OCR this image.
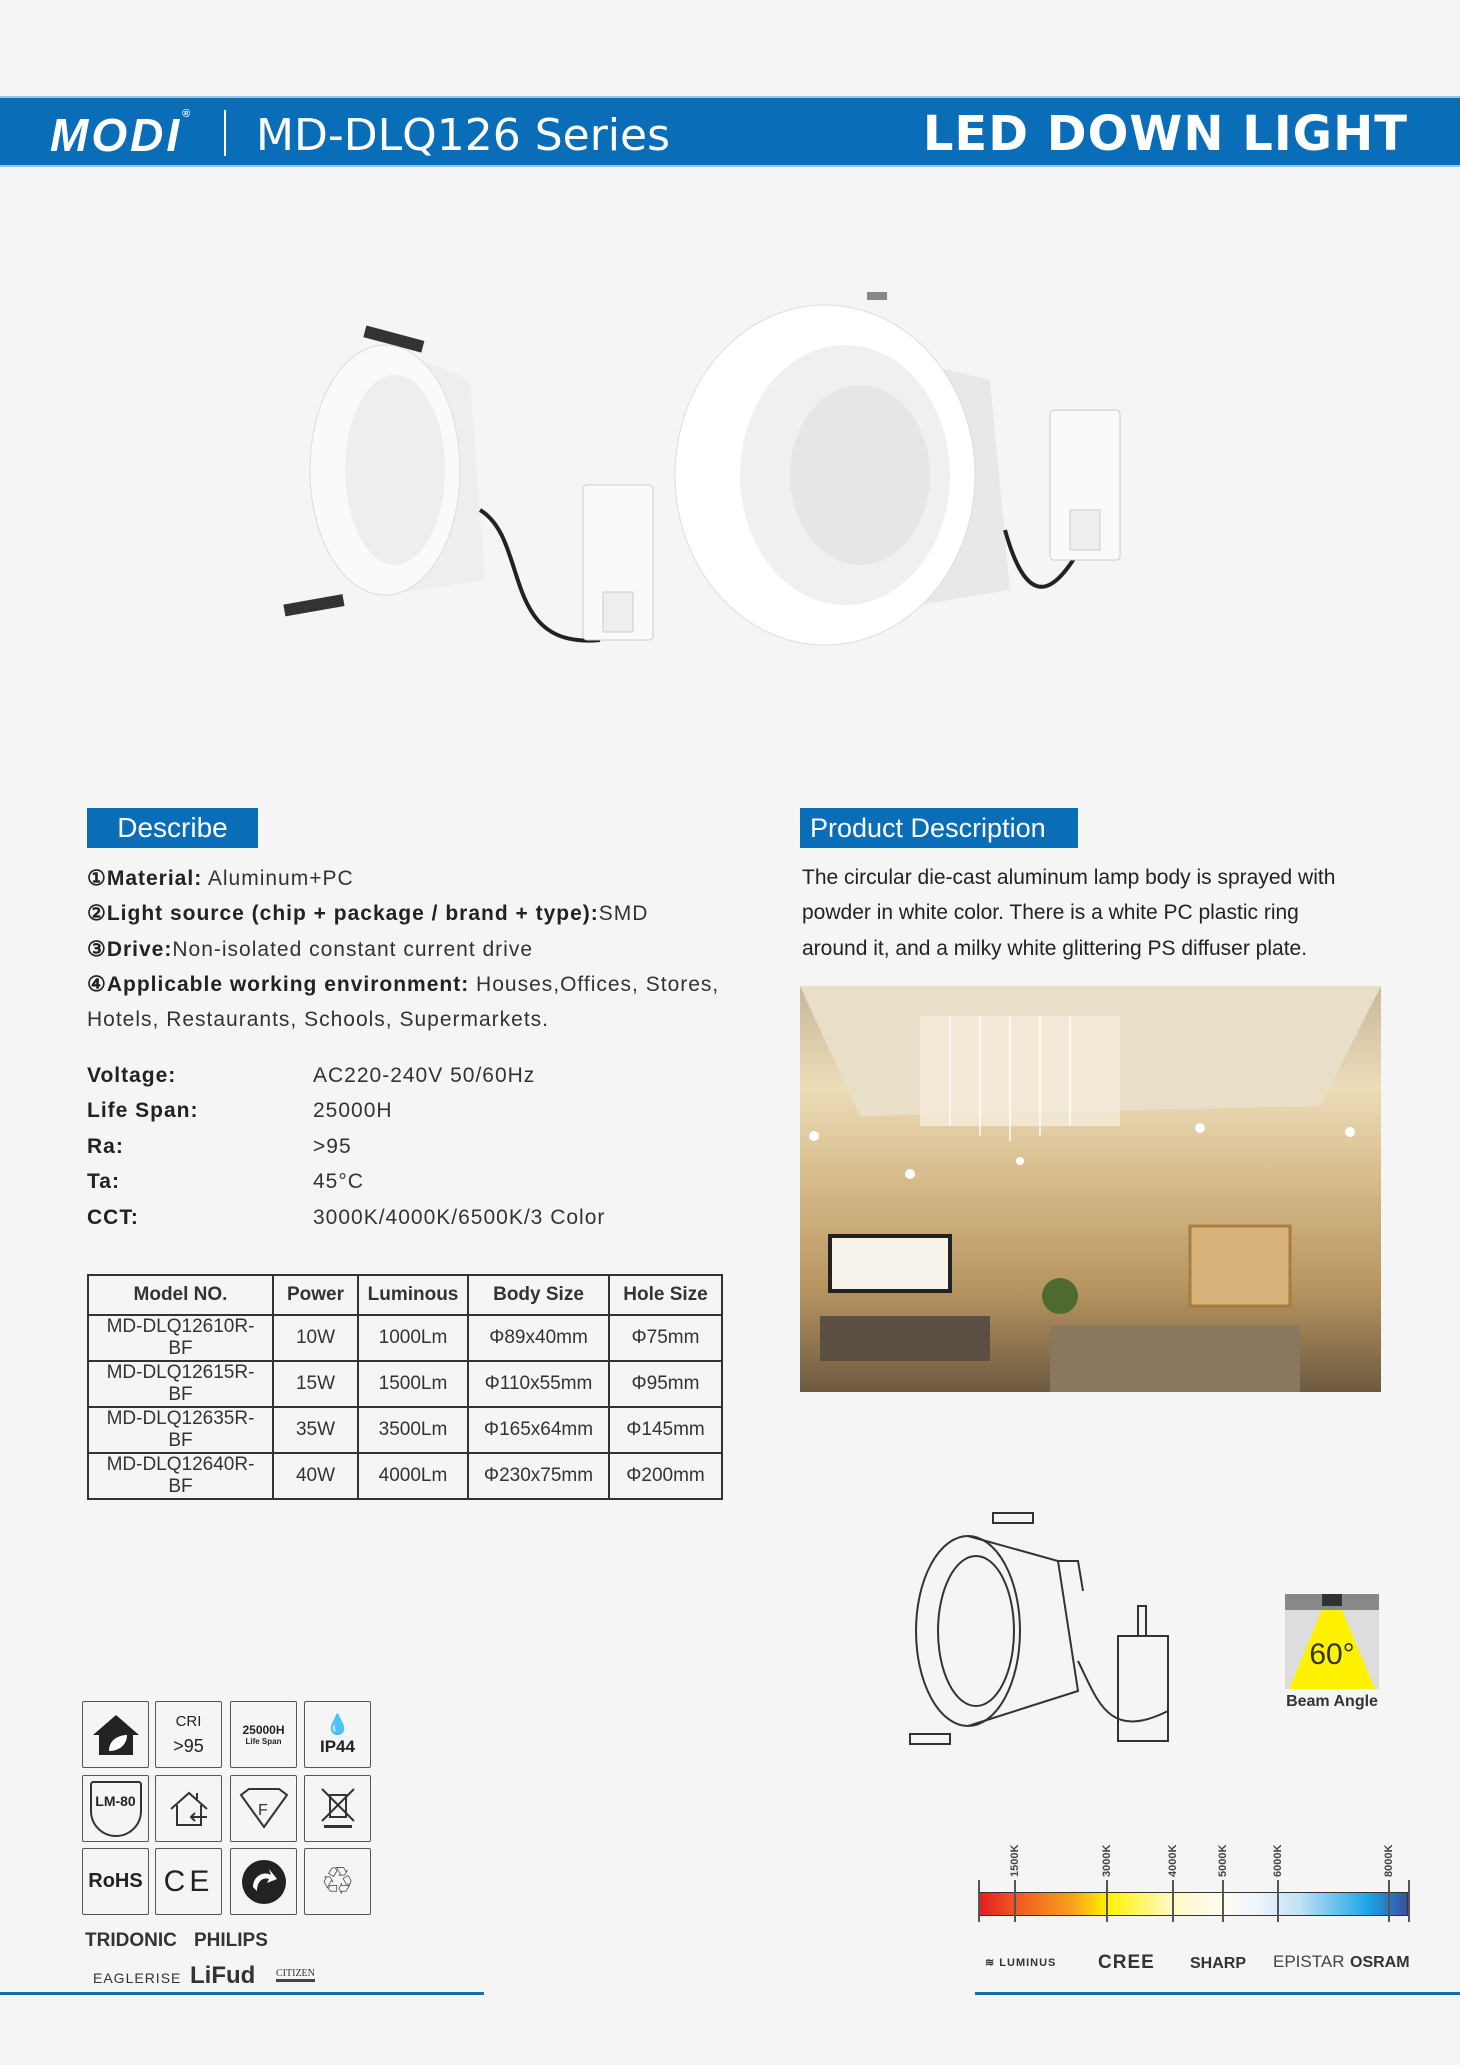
MODI® MD-DLQ126 Series	LED DOWN LIGHT
Describe
①Material: Aluminum+PC
②Light source (chip + package / brand + type):SMD
③Drive:Non-isolated constant current drive
④Applicable working environment: Houses,Offices, Stores,
Hotels, Restaurants, Schools, Supermarkets.
Voltage:	AC220-240V 50/60Hz
Life Span:	25000H
Ra:	>95
Ta:	45°C
CCT:	3000K/4000K/6500K/3 Color
Model NO.	Power	Luminous	Body Size	Hole Size
MD-DLQ12610R-BF	10W	1000Lm	Φ89x40mm	Φ75mm
MD-DLQ12615R-BF	15W	1500Lm	Φ110x55mm	Φ95mm
MD-DLQ12635R-BF	35W	3500Lm	Φ165x64mm	Φ145mm
MD-DLQ12640R-BF	40W	4000Lm	Φ230x75mm	Φ200mm
Product Description
The circular die-cast aluminum lamp body is sprayed with
powder in white color. There is a white PC plastic ring
around it, and a milky white glittering PS diffuser plate.
60°
Beam Angle
CRI
>95
25000H
Life Span
💧
IP44
LM-80
F
RoHS CE	♲
TRIDONIC PHILIPS
EAGLERISE LiFud CITIZEN
1500K	3000K	4000K	5000K	6000K	8000K
≋ LUMINUS CREE SHARP EPISTAR OSRAM
